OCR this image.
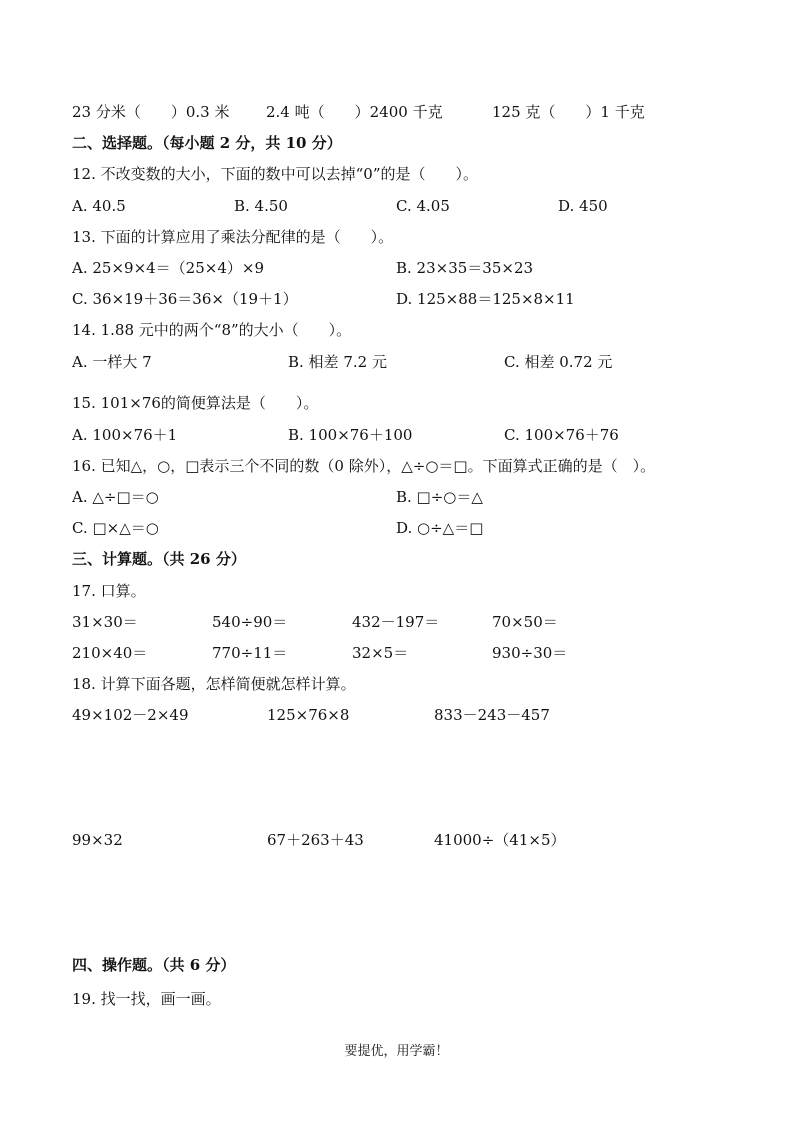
23 分米（　　）0.3 米 2.4 吨（　　）2400 千克	125 克（　　）1 千克
二、选择题。（每小题 2 分，共 10 分）
12. 不改变数的大小，下面的数中可以去掉“0”的是（　　）。
A. 40.5	B. 4.50	C. 4.05	D. 450
13. 下面的计算应用了乘法分配律的是（　　）。
A. 25×9×4＝（25×4）×9	B. 23×35＝35×23
C. 36×19＋36＝36×（19＋1）	D. 125×88＝125×8×11
14. 1.88 元中的两个“8”的大小（　　）。
A. 一样大 7	B. 相差 7.2 元	C. 相差 0.72 元
15. 101×76的简便算法是（　　）。
A. 100×76＋1	B. 100×76＋100	C. 100×76＋76
16. 已知△，○，□表示三个不同的数（0 除外），△÷○＝□。下面算式正确的是（　）。
A. △÷□＝○	B. □÷○＝△
C. □×△＝○	D. ○÷△＝□
三、计算题。（共 26 分）
17. 口算。
31×30＝	540÷90＝	432－197＝	70×50＝
210×40＝	770÷11＝	32×5＝	930÷30＝
18. 计算下面各题，怎样简便就怎样计算。
49×102－2×49	125×76×8	833－243－457
99×32	67＋263＋43	41000÷（41×5）
四、操作题。（共 6 分）
19. 找一找，画一画。
要提优，用学霸！
